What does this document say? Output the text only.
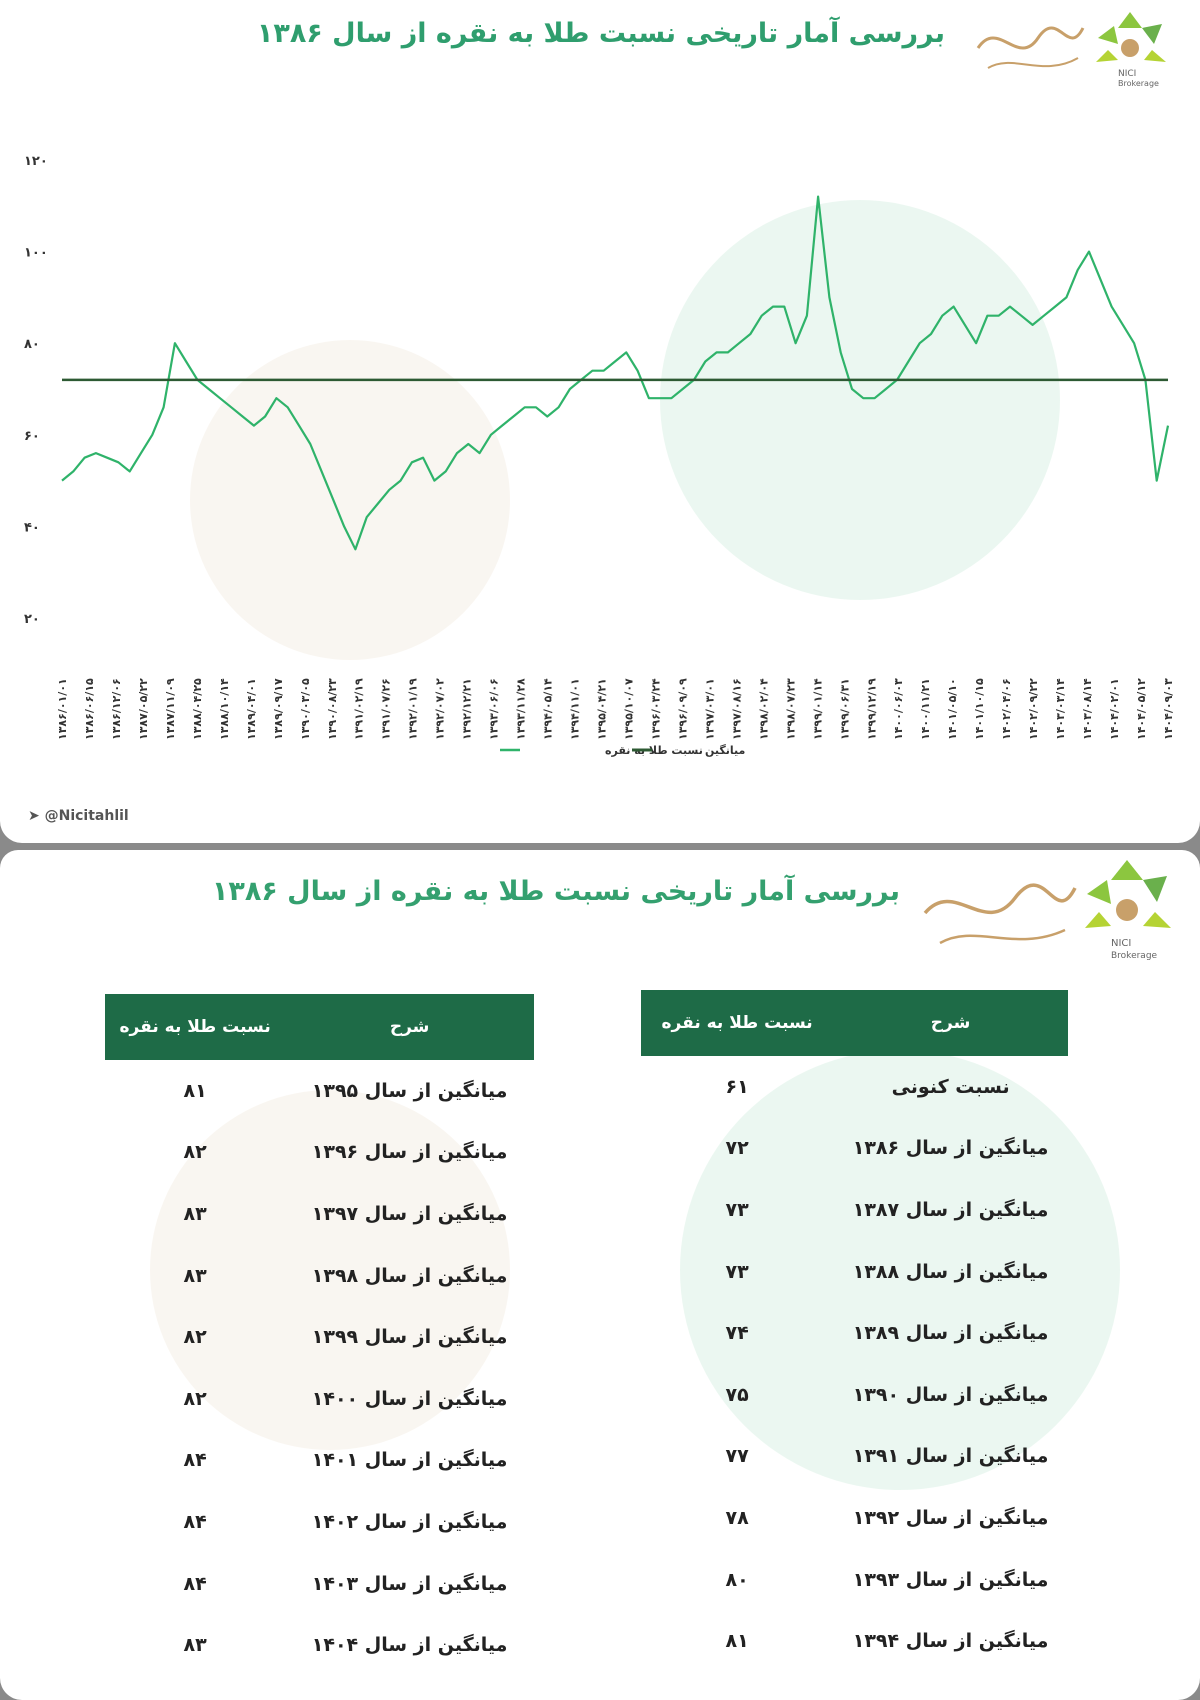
بررسی آمار تاریخی نسبت طلا به نقره از سال ۱۳۸۶
NICI
Brokerage
۲۰
۴۰
۶۰
۸۰
۱۰۰
۱۲۰
۱۳۸۶/۰۱/۰۱ ۱۳۸۶/۰۶/۱۵ ۱۳۸۶/۱۲/۰۶ ۱۳۸۷/۰۵/۲۲ ۱۳۸۷/۱۱/۰۹ ۱۳۸۸/۰۴/۲۵ ۱۳۸۸/۱۰/۱۴ ۱۳۸۹/۰۴/۰۱ ۱۳۸۹/۰۹/۱۷ ۱۳۹۰/۰۳/۰۵ ۱۳۹۰/۰۸/۲۳ ۱۳۹۱/۰۲/۱۹ ۱۳۹۱/۰۷/۲۶ ۱۳۹۲/۰۱/۱۹ ۱۳۹۲/۰۷/۰۲ ۱۳۹۲/۱۲/۲۱ ۱۳۹۳/۰۶/۰۶ ۱۳۹۳/۱۱/۲۸ ۱۳۹۴/۰۵/۱۴ ۱۳۹۴/۱۱/۰۱ ۱۳۹۵/۰۴/۲۱ ۱۳۹۵/۱۰/۰۷ ۱۳۹۶/۰۳/۲۴ ۱۳۹۶/۰۹/۰۹ ۱۳۹۷/۰۳/۰۱ ۱۳۹۷/۰۸/۱۶ ۱۳۹۸/۰۲/۰۴ ۱۳۹۸/۰۷/۲۳ ۱۳۹۹/۰۱/۱۴ ۱۳۹۹/۰۶/۳۱ ۱۳۹۹/۱۲/۱۹ ۱۴۰۰/۰۶/۰۳ ۱۴۰۰/۱۱/۲۱ ۱۴۰۱/۰۵/۱۰ ۱۴۰۱/۱۰/۱۵ ۱۴۰۲/۰۴/۰۶ ۱۴۰۲/۰۹/۲۲ ۱۴۰۳/۰۳/۱۴ ۱۴۰۳/۰۸/۱۴ ۱۴۰۴/۰۲/۰۱ ۱۴۰۴/۰۵/۱۲ ۱۴۰۴/۰۹/۰۳
نسبت طلا به نقره میانگین
➤ @Nicitahlil
بررسی آمار تاریخی نسبت طلا به نقره از سال ۱۳۸۶
NICI
Brokerage
شرح	نسبت طلا به نقره
نسبت کنونی	۶۱
میانگین از سال ۱۳۸۶	۷۲
میانگین از سال ۱۳۸۷	۷۳
میانگین از سال ۱۳۸۸	۷۳
میانگین از سال ۱۳۸۹	۷۴
میانگین از سال ۱۳۹۰	۷۵
میانگین از سال ۱۳۹۱	۷۷
میانگین از سال ۱۳۹۲	۷۸
میانگین از سال ۱۳۹۳	۸۰
میانگین از سال ۱۳۹۴	۸۱
شرح	نسبت طلا به نقره
میانگین از سال ۱۳۹۵	۸۱
میانگین از سال ۱۳۹۶	۸۲
میانگین از سال ۱۳۹۷	۸۳
میانگین از سال ۱۳۹۸	۸۳
میانگین از سال ۱۳۹۹	۸۲
میانگین از سال ۱۴۰۰	۸۲
میانگین از سال ۱۴۰۱	۸۴
میانگین از سال ۱۴۰۲	۸۴
میانگین از سال ۱۴۰۳	۸۴
میانگین از سال ۱۴۰۴	۸۳
